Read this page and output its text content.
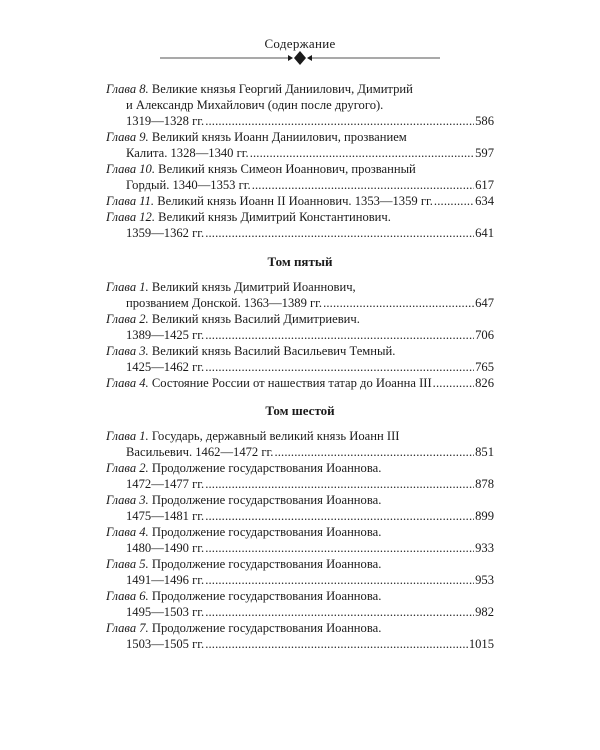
Содержание
Глава 8. Великие князья Георгий Даниилович, Димитрий
и Александр Михайлович (один после другого).
1319—1328 гг. . . .	586
Глава 9. Великий князь Иоанн Даниилович, прозванием
Калита. 1328—1340 гг. . . .	597
Глава 10. Великий князь Симеон Иоаннович, прозванный
Гордый. 1340—1353 гг. . . .	617
Глава 11. Великий князь Иоанн II Иоаннович. 1353—1359 гг. . . .	634
Глава 12. Великий князь Димитрий Константинович.
1359—1362 гг. . . .	641
Том пятый
Глава 1. Великий князь Димитрий Иоаннович,
прозванием Донской. 1363—1389 гг. . . .	647
Глава 2. Великий князь Василий Димитриевич.
1389—1425 гг. . . .	706
Глава 3. Великий князь Василий Васильевич Темный.
1425—1462 гг. . . .	765
Глава 4. Состояние России от нашествия татар до Иоанна III . . .	826
Том шестой
Глава 1. Государь, державный великий князь Иоанн III
Васильевич. 1462—1472 гг. . . .	851
Глава 2. Продолжение государствования Иоаннова.
1472—1477 гг. . . .	878
Глава 3. Продолжение государствования Иоаннова.
1475—1481 гг. . . .	899
Глава 4. Продолжение государствования Иоаннова.
1480—1490 гг. . . .	933
Глава 5. Продолжение государствования Иоаннова.
1491—1496 гг. . . .	953
Глава 6. Продолжение государствования Иоаннова.
1495—1503 гг. . . .	982
Глава 7. Продолжение государствования Иоаннова.
1503—1505 гг. . . .	1015
